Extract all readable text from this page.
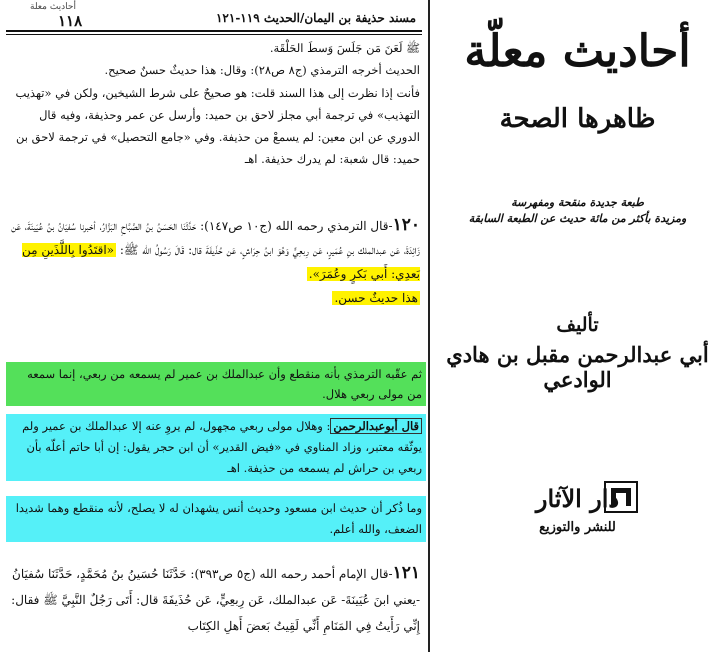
أحاديث معلة
١١٨	مسند حذيفة بن اليمان/الحديث ١١٩-١٢١
ﷺ لَعَنَ مَن جَلَسَ وَسطَ الحَلْقَة.
الحديث أخرجه الترمذي (ج٨ ص٢٨): وقال: هذا حديثٌ حسنٌ صحيح.
فأنت إذا نظرت إلى هذا السند قلت: هو صحيحٌ على شرط الشيخين، ولكن في «تهذيب التهذيب» في ترجمة أبي مجلز لاحق بن حميد: وأرسل عن عمر وحذيفة، وفيه قال الدوري عن ابن معين: لم يسمعْ من حذيفة. وفي «جامع التحصيل» في ترجمة لاحق بن حميد: قال شعبة: لم يدرك حذيفة. اهـ
١٢٠-قال الترمذي رحمه الله (ج١٠ ص١٤٧): حَدَّثَنَا الحَسَنُ بنُ الصَّبَّاحِ البَزَّارُ، أخبرنا سُفيَانُ بنُ عُيَينَةَ، عَن زَائِدَةَ، عَن عبدالملك بنِ عُمَيرٍ، عَن رِبعِيٍّ وَهُوَ ابنُ حِرَاشٍ، عَن حُذَيفَةَ قال: قَالَ رَسُولُ الله ﷺ: «اقتَدُوا بِاللَّذَينِ مِن بَعدِي: أَبي بَكرٍ وعُمَرَ».
هذا حديثٌ حسن.
ثم عقّبه الترمذي بأنه منقطع وأن عبدالملك بن عمير لم يسمعه من ربعي، إنما سمعه من مولى ربعي هلال.
قال أبوعبدالرحمن: وهلال مولى ربعي مجهول، لم يروِ عنه إلا عبدالملك بن عمير ولم يوثّقه معتبر، وزاد المناوي في «فيض القدير» أن ابن حجر يقول: إن أبا حاتم أعلّه بأن ربعي بن حراش لم يسمعه من حذيفة. اهـ
وما ذُكر أن حديث ابن مسعود وحديث أنس يشهدان له لا يصلح، لأنه منقطع وهما شديدا الضعف، والله أعلم.
١٢١-قال الإمام أحمد رحمه الله (ج٥ ص٣٩٣): حَدَّثَنَا حُسَينُ بنُ مُحَمَّدٍ، حَدَّثَنَا سُفيَانُ -يعني ابنَ عُيَينَةَ- عَن عبدالملك، عَن رِبعِيٍّ، عَن حُذَيفَةَ قال: أَتَى رَجُلٌ النَّبِيَّ ﷺ فقال: إِنِّي رَأَيتُ فِي المَنَامِ أَنِّي لَقِيتُ بَعضَ أَهلِ الكِتَاب
أحاديث معلّة
ظاهرها الصحة
طبعة جديدة منقحة ومفهرسة
ومزيدة بأكثر من مائة حديث عن الطبعة السابقة
تأليف
أبي عبدالرحمن مقبل بن هادي الوادعي
دار الآثار
للنشر والتوزيع
